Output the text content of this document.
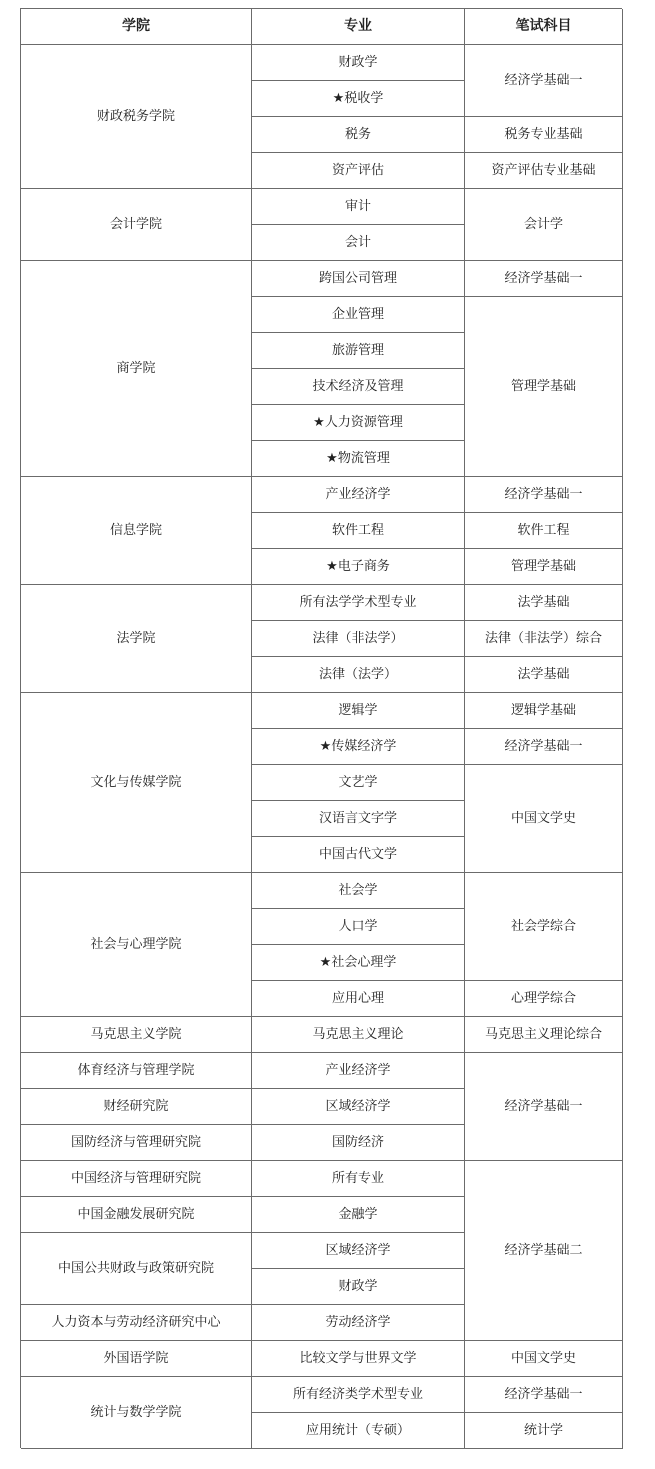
学院	专业	笔试科目
财政税务学院
会计学院
商学院
信息学院
法学院
文化与传媒学院
社会与心理学院
马克思主义学院
体育经济与管理学院
财经研究院
国防经济与管理研究院
中国经济与管理研究院
中国金融发展研究院
中国公共财政与政策研究院
人力资本与劳动经济研究中心
外国语学院
统计与数学学院
财政学
★税收学
税务
资产评估
审计
会计
跨国公司管理
企业管理
旅游管理
技术经济及管理
★人力资源管理
★物流管理
产业经济学
软件工程
★电子商务
所有法学学术型专业
法律（非法学）
法律（法学）
逻辑学
★传媒经济学
文艺学
汉语言文字学
中国古代文学
社会学
人口学
★社会心理学
应用心理
马克思主义理论
产业经济学
区域经济学
国防经济
所有专业
金融学
区域经济学
财政学
劳动经济学
比较文学与世界文学
所有经济类学术型专业
应用统计（专硕）
经济学基础一
税务专业基础
资产评估专业基础
会计学
经济学基础一
管理学基础
经济学基础一
软件工程
管理学基础
法学基础
法律（非法学）综合
法学基础
逻辑学基础
经济学基础一
中国文学史
社会学综合
心理学综合
马克思主义理论综合
经济学基础一
经济学基础二
中国文学史
经济学基础一
统计学
